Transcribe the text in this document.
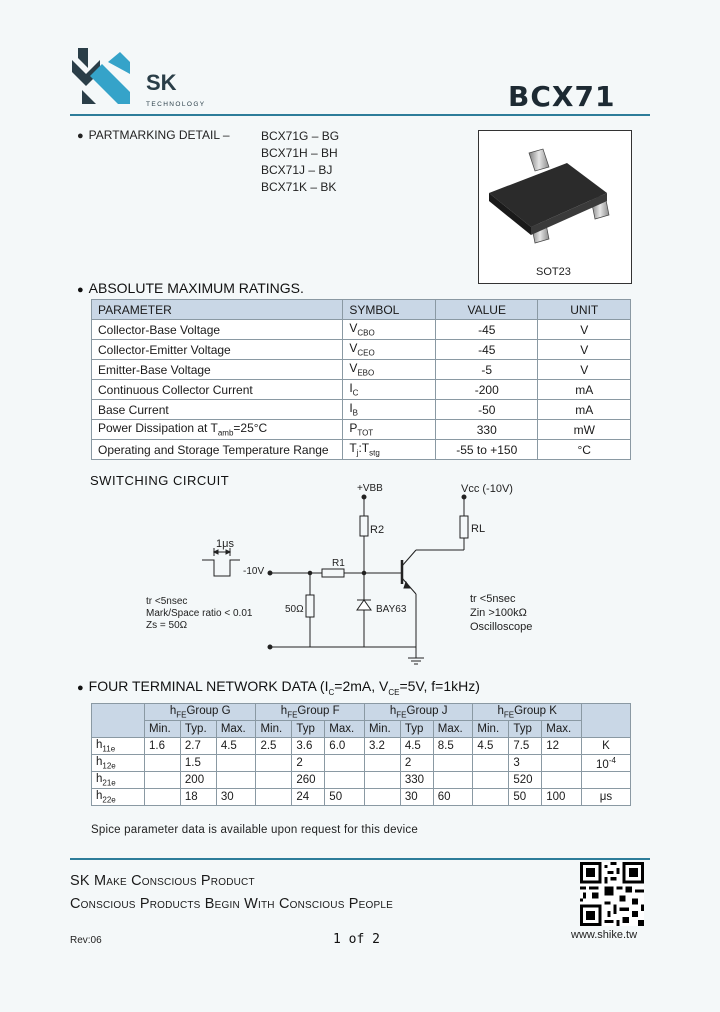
SK
TECHNOLOGY	BCX71
● PARTMARKING DETAIL –	BCX71G – BG
BCX71H – BH
BCX71J – BJ
BCX71K – BK
SOT23
● ABSOLUTE MAXIMUM RATINGS.
PARAMETER	SYMBOL	VALUE	UNIT
Collector-Base Voltage	$V_{CBO}$	-45	V
Collector-Emitter Voltage	$V_{CEO}$	-45	V
Emitter-Base Voltage	$V_{EBO}$	-5	V
Continuous Collector Current	$I_C$	-200	mA
Base Current	$I_B$	-50	mA
Power Dissipation at $T_{amb}=25^\circ C$	$P_{TOT}$	330	mW
Operating and Storage Temperature Range	$T_j:T_{stg}$	-55 to +150	°C
SWITCHING CIRCUIT
+VBB	Vcc (-10V)
R2	RL
R1
1μs
-10V
50Ω	BAY63
tr <5nsec
Mark/Space ratio < 0.01
Zs = 50Ω
tr <5nsec
Zin >100kΩ
Oscilloscope
● FOUR TERMINAL NETWORK DATA ($I_C=2mA$, $V_{CE}=5V$, f=1kHz)
	$h_{FE}Group$ G			$h_{FE}Group$ F			$h_{FE}Group$ J			$h_{FE}Group$ K			
	Min.	Typ.	Max.	Min.	Typ	Max.	Min.	Typ	Max.	Min.	Typ	Max.	
$h_{11e}$	1.6	2.7	4.5	2.5	3.6	6.0	3.2	4.5	8.5	4.5	7.5	12	K
$h_{12e}$		1.5			2			2			3		$10^{-4}$
$h_{21e}$		200			260			330			520		
$h_{22e}$		18	30		24	50		30	60		50	100	μs
Spice parameter data is available upon request for this device
SK Make Conscious Product
Conscious Products Begin With Conscious People
www.shike.tw
Rev:06	1 of 2
